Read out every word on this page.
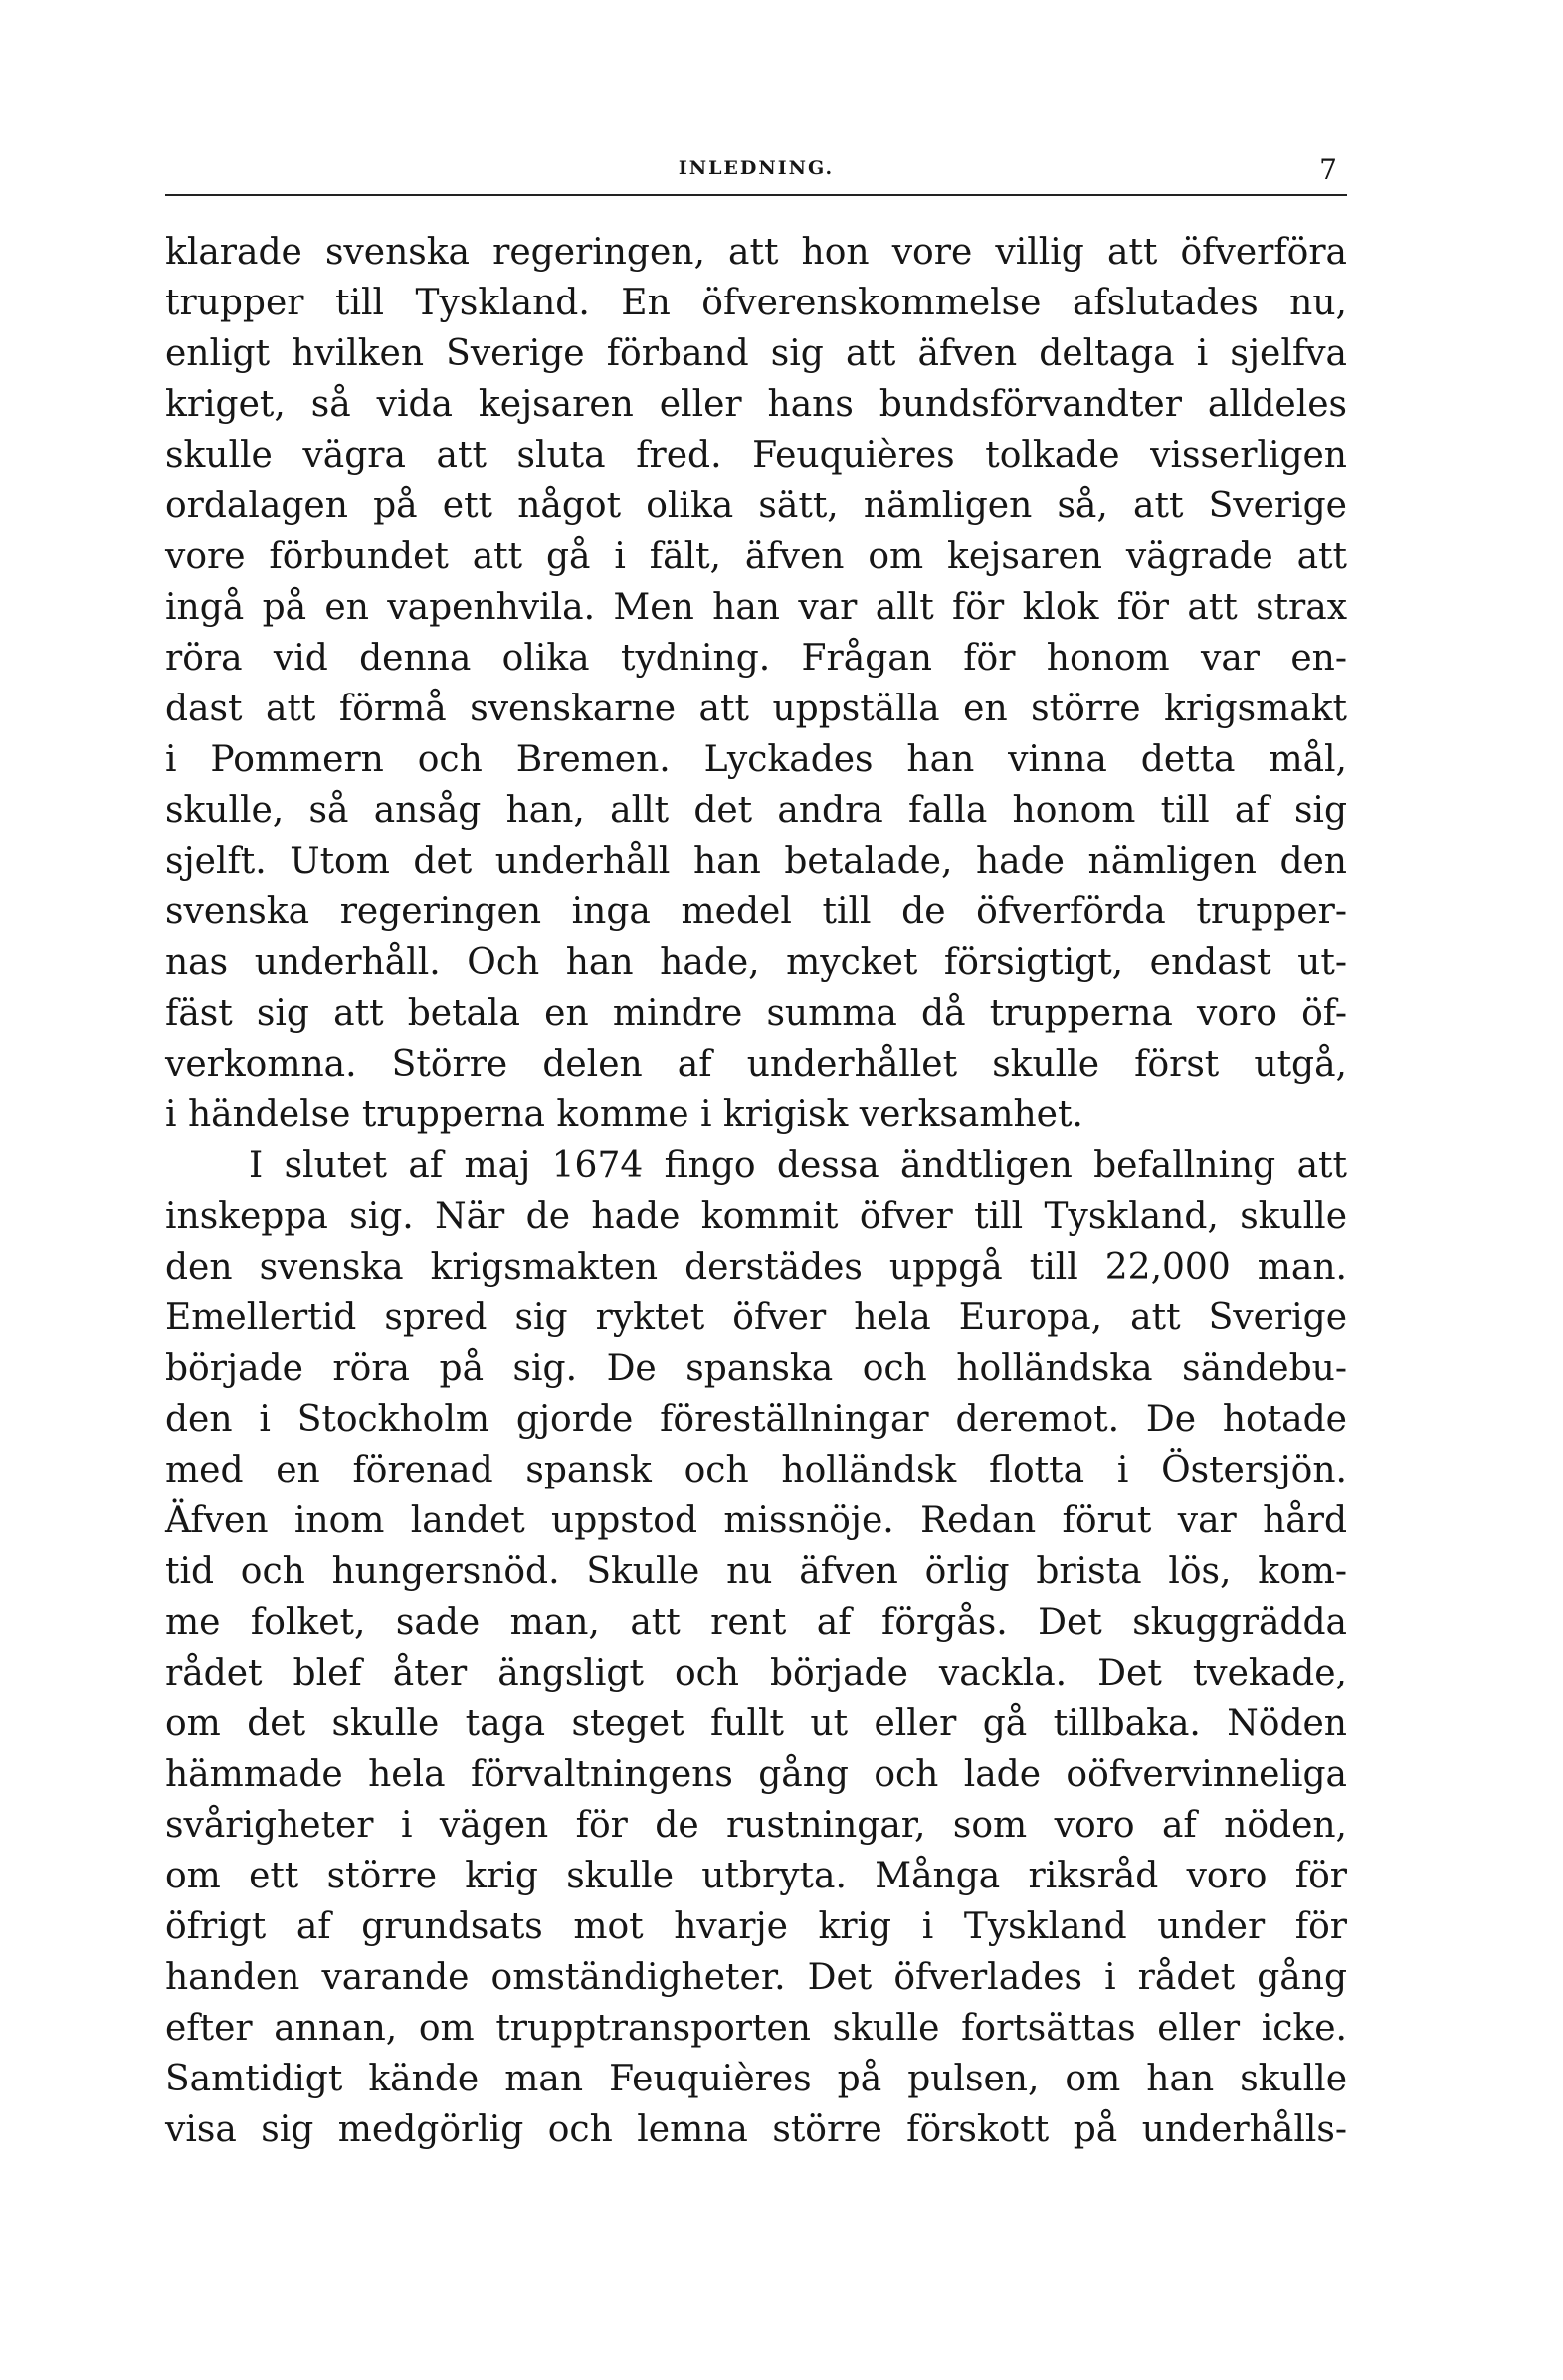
INLEDNING.	7
klarade svenska regeringen, att hon vore villig att öfverföra
trupper till Tyskland. En öfverenskommelse afslutades nu,
enligt hvilken Sverige förband sig att äfven deltaga i sjelfva
kriget, så vida kejsaren eller hans bundsförvandter alldeles
skulle vägra att sluta fred. Feuquières tolkade visserligen
ordalagen på ett något olika sätt, nämligen så, att Sverige
vore förbundet att gå i fält, äfven om kejsaren vägrade att
ingå på en vapenhvila. Men han var allt för klok för att strax
röra vid denna olika tydning. Frågan för honom var en-
dast att förmå svenskarne att uppställa en större krigsmakt
i Pommern och Bremen. Lyckades han vinna detta mål,
skulle, så ansåg han, allt det andra falla honom till af sig
sjelft. Utom det underhåll han betalade, hade nämligen den
svenska regeringen inga medel till de öfverförda trupper-
nas underhåll. Och han hade, mycket försigtigt, endast ut-
fäst sig att betala en mindre summa då trupperna voro öf-
verkomna. Större delen af underhållet skulle först utgå,
i händelse trupperna komme i krigisk verksamhet.
I slutet af maj 1674 fingo dessa ändtligen befallning att
inskeppa sig. När de hade kommit öfver till Tyskland, skulle
den svenska krigsmakten derstädes uppgå till 22,000 man.
Emellertid spred sig ryktet öfver hela Europa, att Sverige
började röra på sig. De spanska och holländska sändebu-
den i Stockholm gjorde föreställningar deremot. De hotade
med en förenad spansk och holländsk flotta i Östersjön.
Äfven inom landet uppstod missnöje. Redan förut var hård
tid och hungersnöd. Skulle nu äfven örlig brista lös, kom-
me folket, sade man, att rent af förgås. Det skuggrädda
rådet blef åter ängsligt och började vackla. Det tvekade,
om det skulle taga steget fullt ut eller gå tillbaka. Nöden
hämmade hela förvaltningens gång och lade oöfvervinneliga
svårigheter i vägen för de rustningar, som voro af nöden,
om ett större krig skulle utbryta. Många riksråd voro för
öfrigt af grundsats mot hvarje krig i Tyskland under för
handen varande omständigheter. Det öfverlades i rådet gång
efter annan, om trupptransporten skulle fortsättas eller icke.
Samtidigt kände man Feuquières på pulsen, om han skulle
visa sig medgörlig och lemna större förskott på underhålls-
